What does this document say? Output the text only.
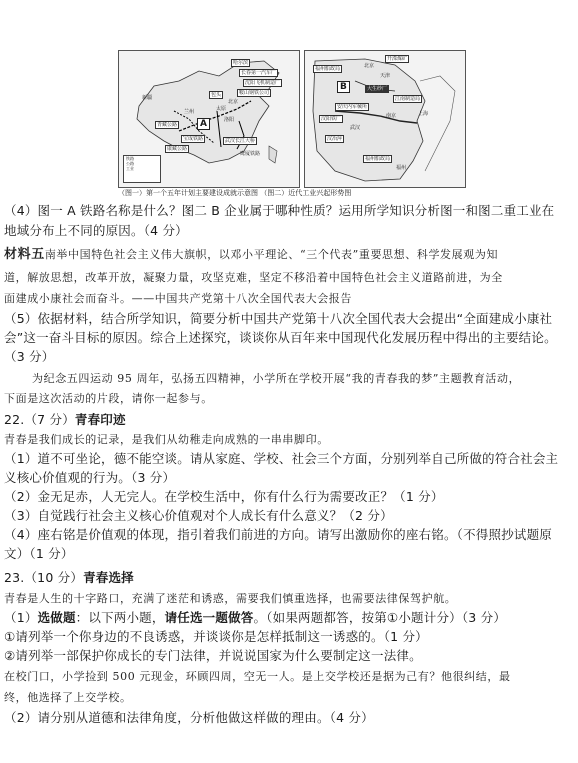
哈尔滨
长春第一汽车厂
沈阳飞机制造厂
鞍山钢铁公司
包头
北京
太原
新疆
兰州
青藏公路
洛阳
宝成铁路
康藏公路
武汉长江大桥
鹰厦铁路
A
铁路
公路
工业
开滦煤矿
福州船政局	北京
天津
大生纱厂
江南制造局
安庆内军械所
汉阳铁厂	南京	上海
武汉
汉冶萍
福州船政局
福州
B
（图一）第一个五年计划主要建设成就示意图 （图二）近代工业兴起形势图
（4）图一 A 铁路名称是什么？图二 B 企业属于哪种性质？运用所学知识分析图一和图二重工业在
地域分布上不同的原因。（4 分）
材料五南举中国特色社会主义伟大旗帜，以邓小平理论、“三个代表”重要思想、科学发展观为知
道，解放思想，改革开放，凝聚力量，攻坚克难，坚定不移沿着中国特色社会主义道路前进，为全
面建成小康社会而奋斗。——中国共产党第十八次全国代表大会报告
（5）依据材料，结合所学知识，简要分析中国共产党第十八次全国代表大会提出“全面建成小康社
会”这一奋斗目标的原因。综合上述探究，谈谈你从百年来中国现代化发展历程中得出的主要结论。
（3 分）
为纪念五四运动 95 周年，弘扬五四精神，小学所在学校开展“我的青春我的梦”主题教育活动，
下面是这次活动的片段，请你一起参与。
22.（7 分）青春印迹
青春是我们成长的记录，是我们从幼稚走向成熟的一串串脚印。
（1）道不可坐论，德不能空谈。请从家庭、学校、社会三个方面，分别列举自己所做的符合社会主
义核心价值观的行为。（3 分）
（2）金无足赤，人无完人。在学校生活中，你有什么行为需要改正？（1 分）
（3）自觉践行社会主义核心价值观对个人成长有什么意义？（2 分）
（4）座右铭是价值观的体现，指引着我们前进的方向。请写出激励你的座右铭。（不得照抄试题原
文）（1 分）
23.（10 分）青春选择
青春是人生的十字路口，充满了迷茫和诱惑，需要我们慎重选择，也需要法律保驾护航。
（1）选做题：以下两小题，请任选一题做答。（如果两题都答，按第①小题计分）（3 分）
①请列举一个你身边的不良诱惑，并谈谈你是怎样抵制这一诱惑的。（1 分）
②请列举一部保护你成长的专门法律，并说说国家为什么要制定这一法律。
在校门口，小学捡到 500 元现金，环顾四周，空无一人。是上交学校还是据为己有？他很纠结，最
终，他选择了上交学校。
（2）请分别从道德和法律角度，分析他做这样做的理由。（4 分）
